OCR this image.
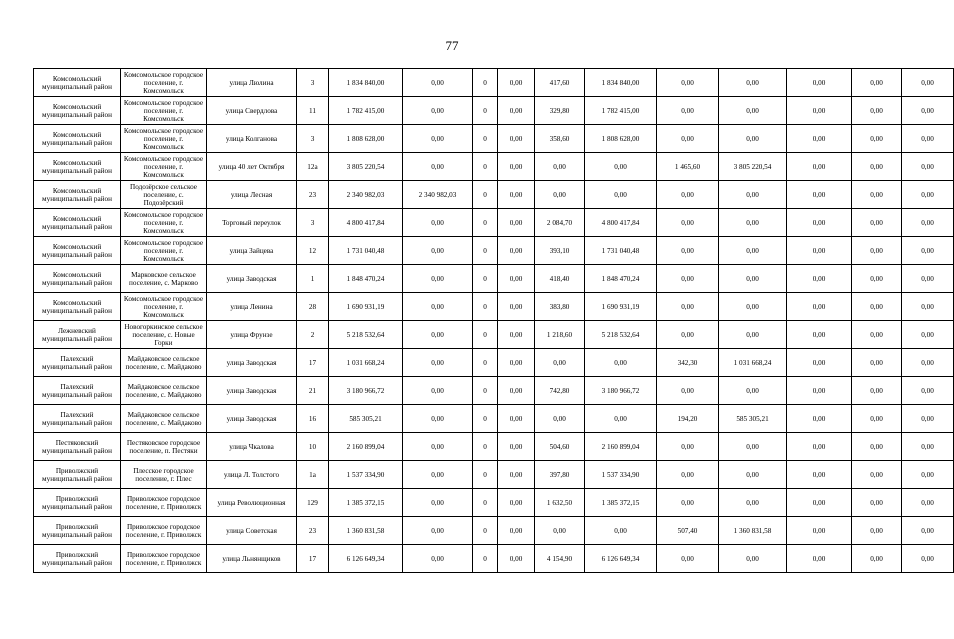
77
Комсомольский муниципальный район	Комсомольское городское поселение, г. Комсомольск	улица Люлина	3	1 834 840,00	0,00	0	0,00	417,60	1 834 840,00	0,00	0,00	0,00	0,00	0,00
Комсомольский муниципальный район	Комсомольское городское поселение, г. Комсомольск	улица Свердлова	11	1 782 415,00	0,00	0	0,00	329,80	1 782 415,00	0,00	0,00	0,00	0,00	0,00
Комсомольский муниципальный район	Комсомольское городское поселение, г. Комсомольск	улица Колганова	3	1 808 628,00	0,00	0	0,00	358,60	1 808 628,00	0,00	0,00	0,00	0,00	0,00
Комсомольский муниципальный район	Комсомольское городское поселение, г. Комсомольск	улица 40 лет Октября	12а	3 805 220,54	0,00	0	0,00	0,00	0,00	1 465,60	3 805 220,54	0,00	0,00	0,00
Комсомольский муниципальный район	Подозёрское сельское поселение, с. Подозёрский	улица Лесная	23	2 340 982,03	2 340 982,03	0	0,00	0,00	0,00	0,00	0,00	0,00	0,00	0,00
Комсомольский муниципальный район	Комсомольское городское поселение, г. Комсомольск	Торговый переулок	3	4 800 417,84	0,00	0	0,00	2 084,70	4 800 417,84	0,00	0,00	0,00	0,00	0,00
Комсомольский муниципальный район	Комсомольское городское поселение, г. Комсомольск	улица Зайцева	12	1 731 040,48	0,00	0	0,00	393,10	1 731 040,48	0,00	0,00	0,00	0,00	0,00
Комсомольский муниципальный район	Марковское сельское поселение, с. Марково	улица Заводская	1	1 848 470,24	0,00	0	0,00	418,40	1 848 470,24	0,00	0,00	0,00	0,00	0,00
Комсомольский муниципальный район	Комсомольское городское поселение, г. Комсомольск	улица Ленина	28	1 690 931,19	0,00	0	0,00	383,80	1 690 931,19	0,00	0,00	0,00	0,00	0,00
Лежневский муниципальный район	Новогоркинское сельское поселение, с. Новые Горки	улица Фрунзе	2	5 218 532,64	0,00	0	0,00	1 218,60	5 218 532,64	0,00	0,00	0,00	0,00	0,00
Палехский муниципальный район	Майдаковское сельское поселение, с. Майдаково	улица Заводская	17	1 031 668,24	0,00	0	0,00	0,00	0,00	342,30	1 031 668,24	0,00	0,00	0,00
Палехский муниципальный район	Майдаковское сельское поселение, с. Майдаково	улица Заводская	21	3 180 966,72	0,00	0	0,00	742,80	3 180 966,72	0,00	0,00	0,00	0,00	0,00
Палехский муниципальный район	Майдаковское сельское поселение, с. Майдаково	улица Заводская	16	585 305,21	0,00	0	0,00	0,00	0,00	194,20	585 305,21	0,00	0,00	0,00
Пестяковский муниципальный район	Пестяковское городское поселение, п. Пестяки	улица Чкалова	10	2 160 899,04	0,00	0	0,00	504,60	2 160 899,04	0,00	0,00	0,00	0,00	0,00
Приволжский муниципальный район	Плесское городское поселение, г. Плес	улица Л. Толстого	1а	1 537 334,90	0,00	0	0,00	397,80	1 537 334,90	0,00	0,00	0,00	0,00	0,00
Приволжский муниципальный район	Приволжское городское поселение, г. Приволжск	улица Революционная	129	1 385 372,15	0,00	0	0,00	1 632,50	1 385 372,15	0,00	0,00	0,00	0,00	0,00
Приволжский муниципальный район	Приволжское городское поселение, г. Приволжск	улица Советская	23	1 360 831,58	0,00	0	0,00	0,00	0,00	507,40	1 360 831,58	0,00	0,00	0,00
Приволжский муниципальный район	Приволжское городское поселение, г. Приволжск	улица Льнянщиков	17	6 126 649,34	0,00	0	0,00	4 154,90	6 126 649,34	0,00	0,00	0,00	0,00	0,00
